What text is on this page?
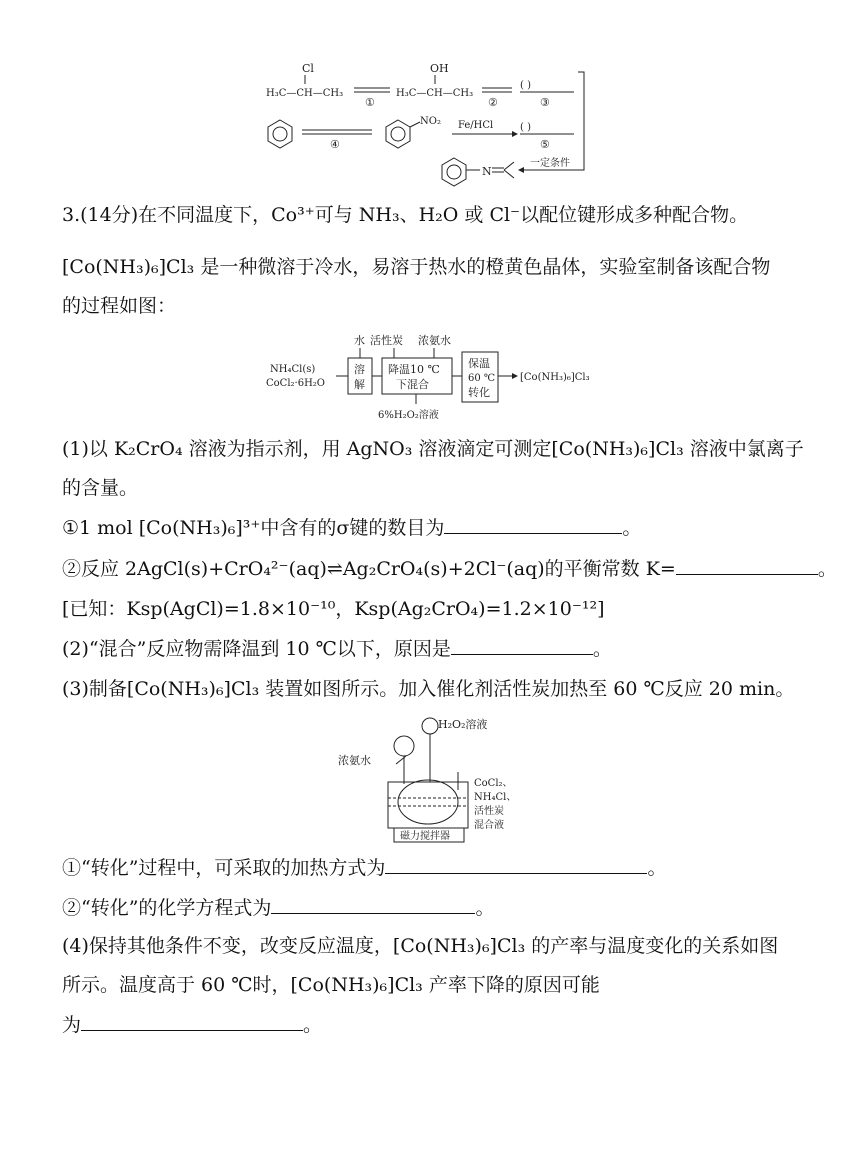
Cl
H₃C—CH—CH₃
①
OH
H₃C—CH—CH₃
②
( )
③
④
NO₂ Fe/HCl	( )
⑤
N
一定条件
3.(14分)在不同温度下，Co³⁺可与 NH₃、H₂O 或 Cl⁻以配位键形成多种配合物。
[Co(NH₃)₆]Cl₃ 是一种微溶于冷水，易溶于热水的橙黄色晶体，实验室制备该配合物
的过程如图：
水 活性炭 浓氨水
NH₄Cl(s)
CoCl₂·6H₂O
溶
解
降温10 ℃
下混合
保温
60 ℃
转化
[Co(NH₃)₆]Cl₃
6%H₂O₂溶液
(1)以 K₂CrO₄ 溶液为指示剂，用 AgNO₃ 溶液滴定可测定[Co(NH₃)₆]Cl₃ 溶液中氯离子
的含量。
①1 mol [Co(NH₃)₆]³⁺中含有的σ键的数目为	。
②反应 2AgCl(s)+CrO₄²⁻(aq)⇌Ag₂CrO₄(s)+2Cl⁻(aq)的平衡常数 K=	。
[已知：Ksp(AgCl)=1.8×10⁻¹⁰，Ksp(Ag₂CrO₄)=1.2×10⁻¹²]
(2)“混合”反应物需降温到 10 ℃以下，原因是	。
(3)制备[Co(NH₃)₆]Cl₃ 装置如图所示。加入催化剂活性炭加热至 60 ℃反应 20 min。
H₂O₂溶液
浓氨水
CoCl₂、
NH₄Cl、
活性炭
混合液
磁力搅拌器
①“转化”过程中，可采取的加热方式为	。
②“转化”的化学方程式为	。
(4)保持其他条件不变，改变反应温度，[Co(NH₃)₆]Cl₃ 的产率与温度变化的关系如图
所示。温度高于 60 ℃时，[Co(NH₃)₆]Cl₃ 产率下降的原因可能
为	。
